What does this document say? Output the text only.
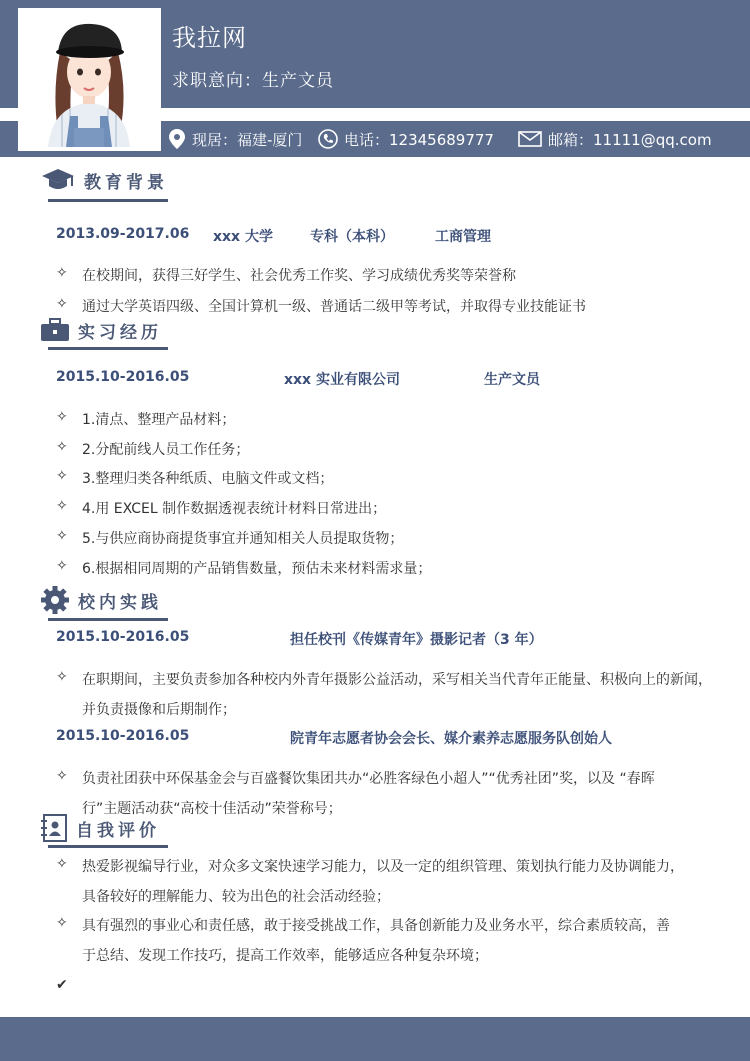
我拉网
求职意向：生产文员
现居：福建-厦门	电话：12345689777	邮箱：11111@qq.com
教育背景
2013.09-2017.06 xxx 大学	专科（本科）	工商管理
✧ 在校期间，获得三好学生、社会优秀工作奖、学习成绩优秀奖等荣誉称
✧ 通过大学英语四级、全国计算机一级、普通话二级甲等考试，并取得专业技能证书
实习经历
2015.10-2016.05	xxx 实业有限公司	生产文员
✧ 1.清点、整理产品材料；
✧ 2.分配前线人员工作任务；
✧ 3.整理归类各种纸质、电脑文件或文档；
✧ 4.用 EXCEL 制作数据透视表统计材料日常进出；
✧ 5.与供应商协商提货事宜并通知相关人员提取货物；
✧ 6.根据相同周期的产品销售数量，预估未来材料需求量；
校内实践
2015.10-2016.05	担任校刊《传媒青年》摄影记者（3 年）
✧ 在职期间，主要负责参加各种校内外青年摄影公益活动，采写相关当代青年正能量、积极向上的新闻，
并负责摄像和后期制作；
2015.10-2016.05	院青年志愿者协会会长、媒介素养志愿服务队创始人
✧ 负责社团获中环保基金会与百盛餐饮集团共办“必胜客绿色小超人”“优秀社团”奖，以及 “春晖
行”主题活动获“高校十佳活动”荣誉称号；
自我评价
✧ 热爱影视编导行业，对众多文案快速学习能力，以及一定的组织管理、策划执行能力及协调能力，
具备较好的理解能力、较为出色的社会活动经验；
✧ 具有强烈的事业心和责任感，敢于接受挑战工作，具备创新能力及业务水平，综合素质较高，善
于总结、发现工作技巧，提高工作效率，能够适应各种复杂环境；
✔
